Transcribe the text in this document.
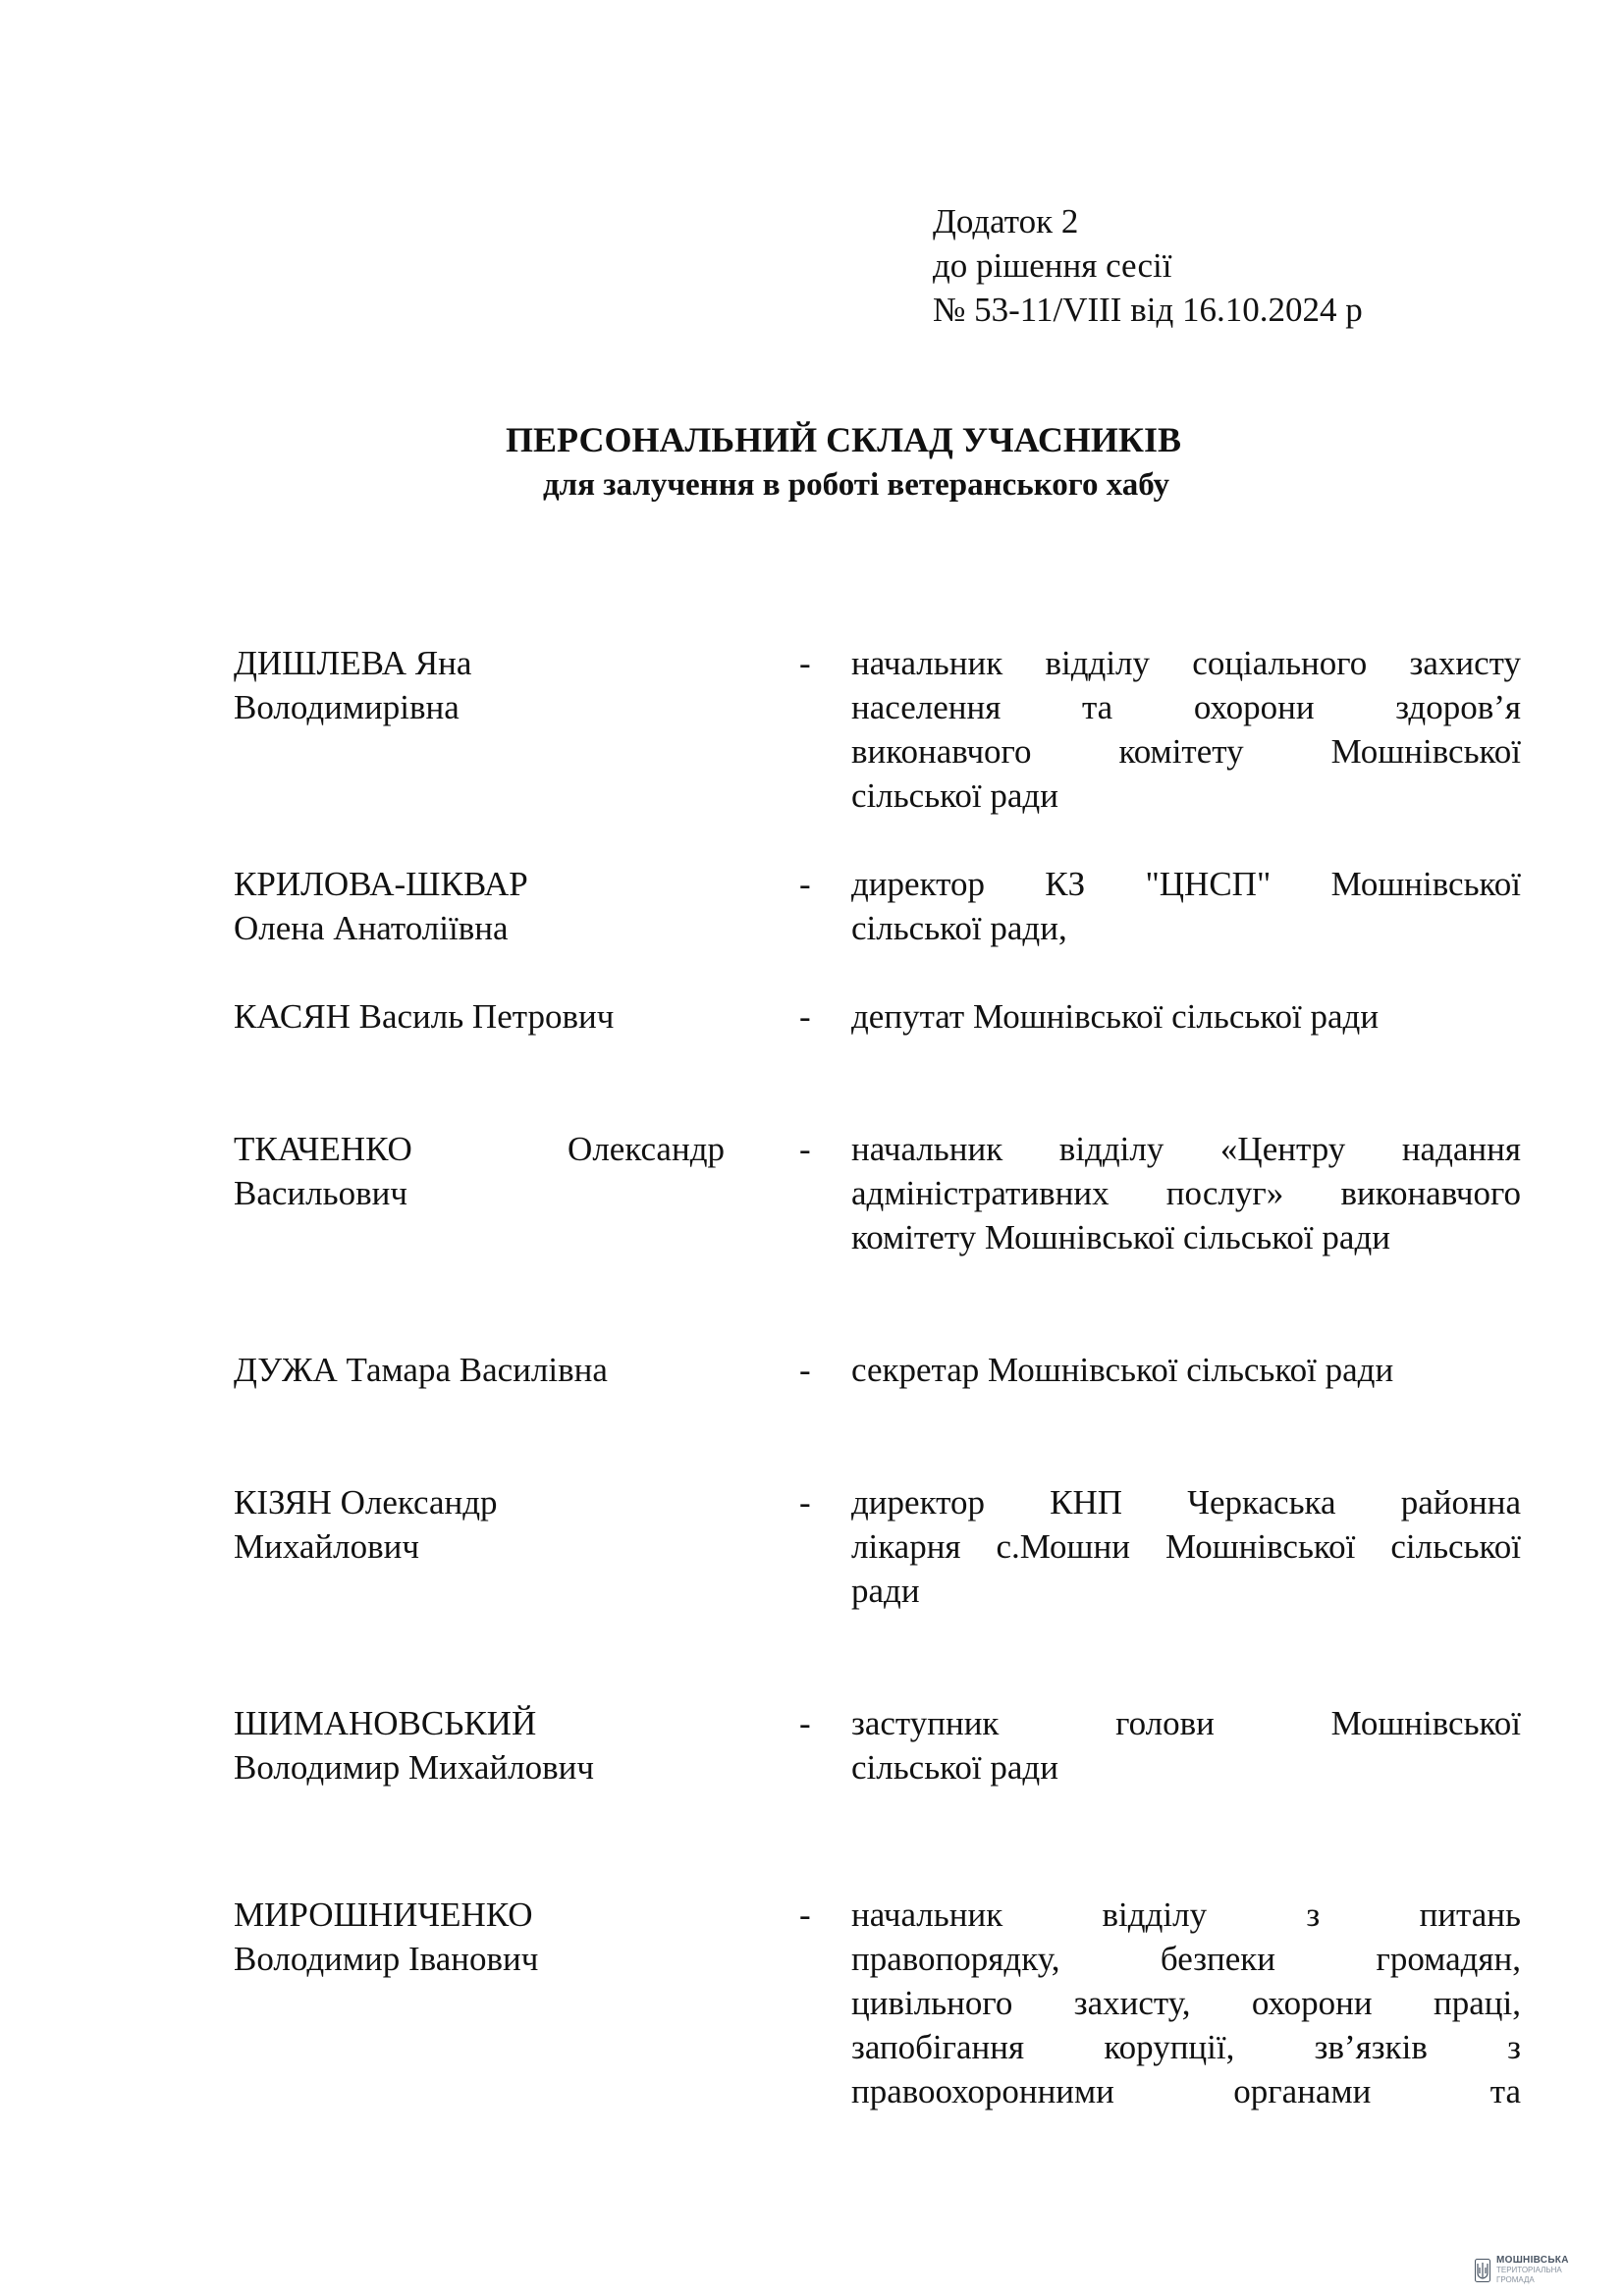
Додаток 2
до рішення сесії
№ 53-11/VIII від 16.10.2024 р
ПЕРСОНАЛЬНИЙ СКЛАД УЧАСНИКІВ
для залучення в роботі ветеранського хабу
ДИШЛЕВА Яна
Володимирівна
- начальник відділу соціального захисту
населення та охорони здоров’я
виконавчого комітету Мошнівської
сільської ради
КРИЛОВА-ШКВАР
Олена Анатоліївна
- директор КЗ "ЦНСП" Мошнівської
сільської ради,
КАСЯН Василь Петрович	- депутат Мошнівської сільської ради
ТКАЧЕНКО Олександр
Васильович
- начальник відділу «Центру надання
адміністративних послуг» виконавчого
комітету Мошнівської сільської ради
ДУЖА Тамара Василівна	- секретар Мошнівської сільської ради
КІЗЯН Олександр
Михайлович
- директор КНП Черкаська районна
лікарня с.Мошни Мошнівської сільської
ради
ШИМАНОВСЬКИЙ
Володимир Михайлович
- заступник голови Мошнівської
сільської ради
МИРОШНИЧЕНКО
Володимир Іванович
- начальник відділу з питань
правопорядку, безпеки громадян,
цивільного захисту, охорони праці,
запобігання корупції, зв’язків з
правоохоронними органами та
МОШНІВСЬКА
ТЕРИТОРІАЛЬНА
ГРОМАДА
